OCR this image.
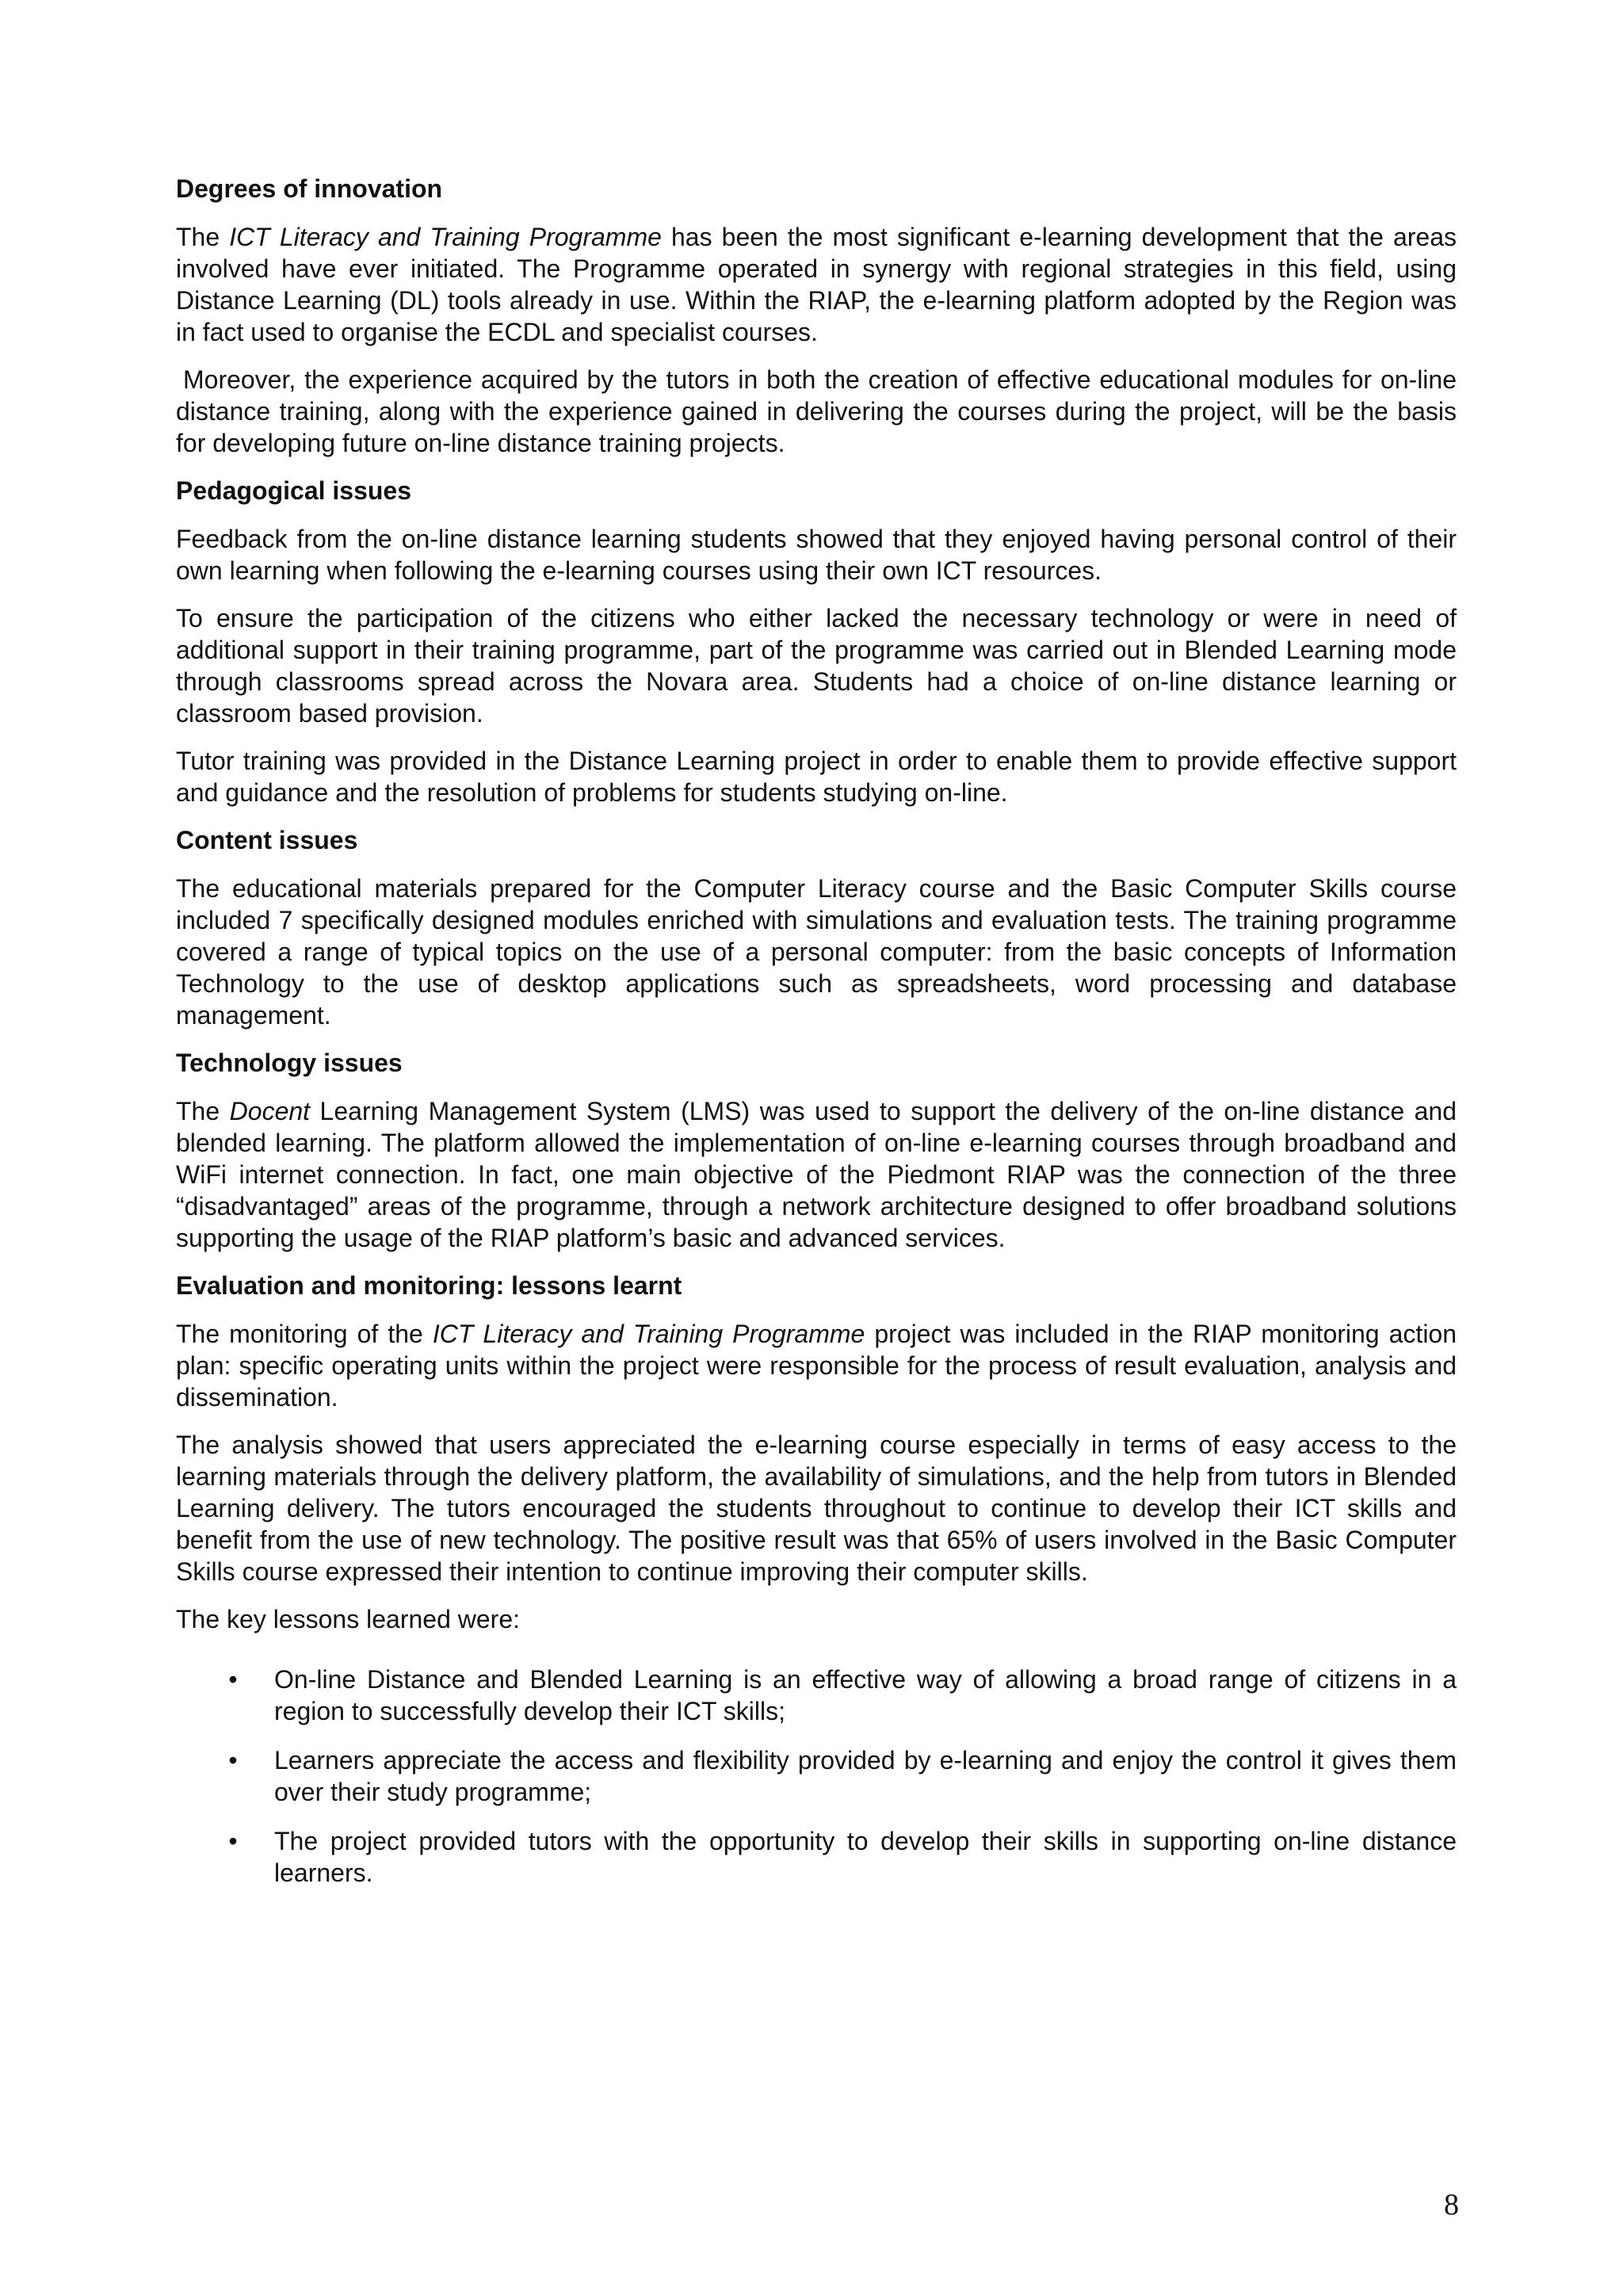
Degrees of innovation
The ICT Literacy and Training Programme has been the most significant e-learning development that the areas involved have ever initiated. The Programme operated in synergy with regional strategies in this field, using Distance Learning (DL) tools already in use. Within the RIAP, the e-learning platform adopted by the Region was in fact used to organise the ECDL and specialist courses.
Moreover, the experience acquired by the tutors in both the creation of effective educational modules for on-line distance training, along with the experience gained in delivering the courses during the project, will be the basis for developing future on-line distance training projects.
Pedagogical issues
Feedback from the on-line distance learning students showed that they enjoyed having personal control of their own learning when following the e-learning courses using their own ICT resources.
To ensure the participation of the citizens who either lacked the necessary technology or were in need of additional support in their training programme, part of the programme was carried out in Blended Learning mode through classrooms spread across the Novara area. Students had a choice of on-line distance learning or classroom based provision.
Tutor training was provided in the Distance Learning project in order to enable them to provide effective support and guidance and the resolution of problems for students studying on-line.
Content issues
The educational materials prepared for the Computer Literacy course and the Basic Computer Skills course included 7 specifically designed modules enriched with simulations and evaluation tests. The training programme covered a range of typical topics on the use of a personal computer: from the basic concepts of Information Technology to the use of desktop applications such as spreadsheets, word processing and database management.
Technology issues
The Docent Learning Management System (LMS) was used to support the delivery of the on-line distance and blended learning. The platform allowed the implementation of on-line e-learning courses through broadband and WiFi internet connection. In fact, one main objective of the Piedmont RIAP was the connection of the three “disadvantaged” areas of the programme, through a network architecture designed to offer broadband solutions supporting the usage of the RIAP platform’s basic and advanced services.
Evaluation and monitoring: lessons learnt
The monitoring of the ICT Literacy and Training Programme project was included in the RIAP monitoring action plan: specific operating units within the project were responsible for the process of result evaluation, analysis and dissemination.
The analysis showed that users appreciated the e-learning course especially in terms of easy access to the learning materials through the delivery platform, the availability of simulations, and the help from tutors in Blended Learning delivery. The tutors encouraged the students throughout to continue to develop their ICT skills and benefit from the use of new technology. The positive result was that 65% of users involved in the Basic Computer Skills course expressed their intention to continue improving their computer skills.
The key lessons learned were:
• On-line Distance and Blended Learning is an effective way of allowing a broad range of citizens in a region to successfully develop their ICT skills;
• Learners appreciate the access and flexibility provided by e-learning and enjoy the control it gives them over their study programme;
• The project provided tutors with the opportunity to develop their skills in supporting on-line distance learners.
8
